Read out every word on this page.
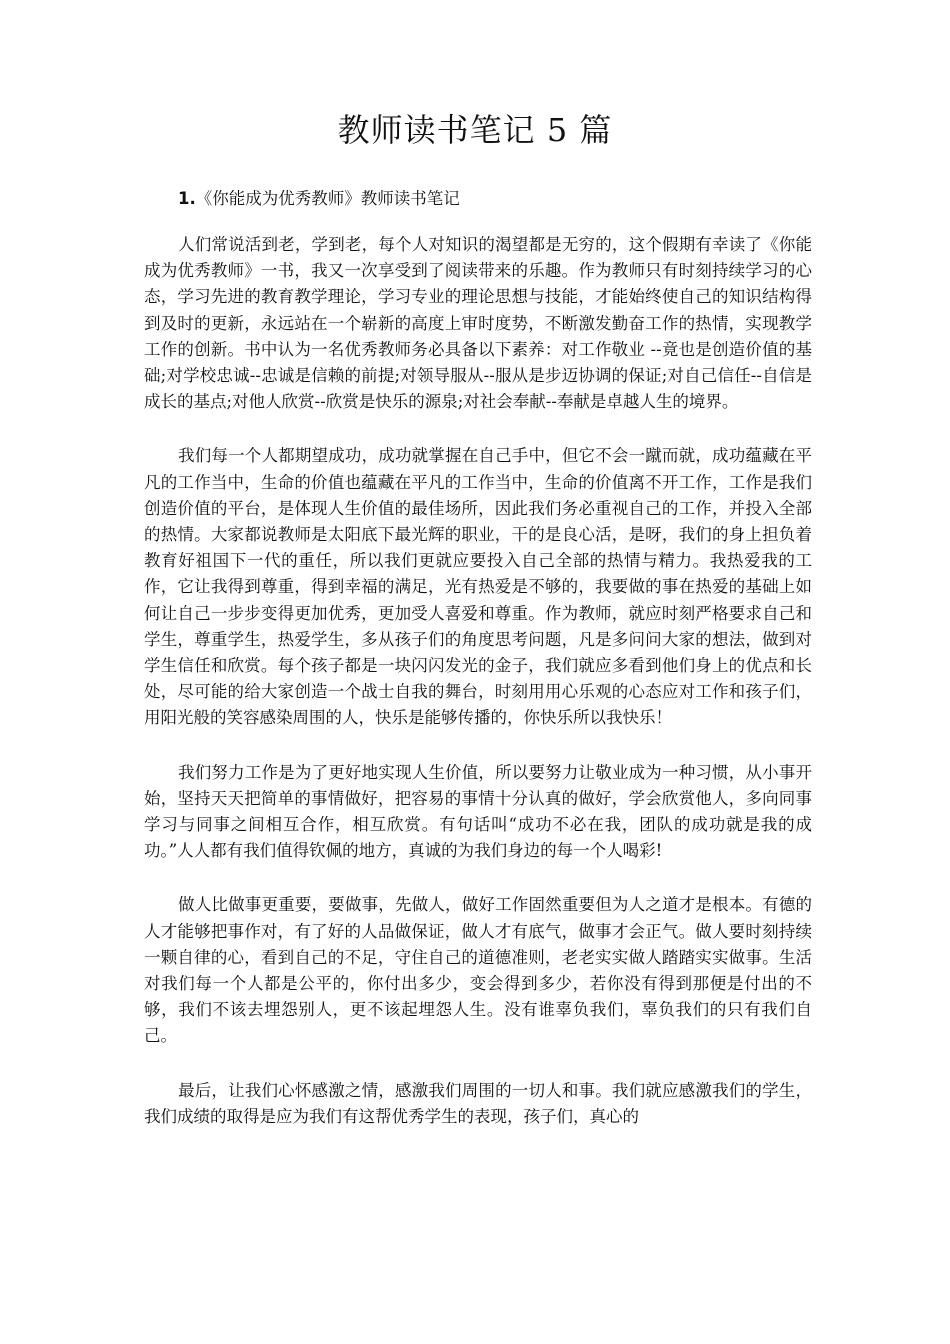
教师读书笔记 5 篇

1.《你能成为优秀教师》教师读书笔记

人们常说活到老，学到老，每个人对知识的渴望都是无穷的，这个假期有幸读了《你能成为优秀教师》一书，我又一次享受到了阅读带来的乐趣。作为教师只有时刻持续学习的心态，学习先进的教育教学理论，学习专业的理论思想与技能，才能始终使自己的知识结构得到及时的更新，永远站在一个崭新的高度上审时度势，不断激发勤奋工作的热情，实现教学工作的创新。书中认为一名优秀教师务必具备以下素养：对工作敬业 --竟也是创造价值的基础;对学校忠诚--忠诚是信赖的前提;对领导服从--服从是步迈协调的保证;对自己信任--自信是成长的基点;对他人欣赏--欣赏是快乐的源泉;对社会奉献--奉献是卓越人生的境界。

我们每一个人都期望成功，成功就掌握在自己手中，但它不会一蹴而就，成功蕴藏在平凡的工作当中，生命的价值也蕴藏在平凡的工作当中，生命的价值离不开工作，工作是我们创造价值的平台，是体现人生价值的最佳场所，因此我们务必重视自己的工作，并投入全部的热情。大家都说教师是太阳底下最光辉的职业，干的是良心活，是呀，我们的身上担负着教育好祖国下一代的重任，所以我们更就应要投入自己全部的热情与精力。我热爱我的工作，它让我得到尊重，得到幸福的满足，光有热爱是不够的，我要做的事在热爱的基础上如何让自己一步步变得更加优秀，更加受人喜爱和尊重。作为教师，就应时刻严格要求自己和学生，尊重学生，热爱学生，多从孩子们的角度思考问题，凡是多问问大家的想法，做到对学生信任和欣赏。每个孩子都是一块闪闪发光的金子，我们就应多看到他们身上的优点和长处，尽可能的给大家创造一个战士自我的舞台，时刻用用心乐观的心态应对工作和孩子们，用阳光般的笑容感染周围的人，快乐是能够传播的，你快乐所以我快乐！

我们努力工作是为了更好地实现人生价值，所以要努力让敬业成为一种习惯，从小事开始，坚持天天把简单的事情做好，把容易的事情十分认真的做好，学会欣赏他人，多向同事学习与同事之间相互合作，相互欣赏。有句话叫“成功不必在我，团队的成功就是我的成功。”人人都有我们值得钦佩的地方，真诚的为我们身边的每一个人喝彩!

做人比做事更重要，要做事，先做人，做好工作固然重要但为人之道才是根本。有德的人才能够把事作对，有了好的人品做保证，做人才有底气，做事才会正气。做人要时刻持续一颗自律的心，看到自己的不足，守住自己的道德准则，老老实实做人踏踏实实做事。生活对我们每一个人都是公平的，你付出多少，变会得到多少，若你没有得到那便是付出的不够，我们不该去埋怨别人，更不该起埋怨人生。没有谁辜负我们，辜负我们的只有我们自己。

最后，让我们心怀感激之情，感激我们周围的一切人和事。我们就应感激我们的学生，我们成绩的取得是应为我们有这帮优秀学生的表现，孩子们，真心的
